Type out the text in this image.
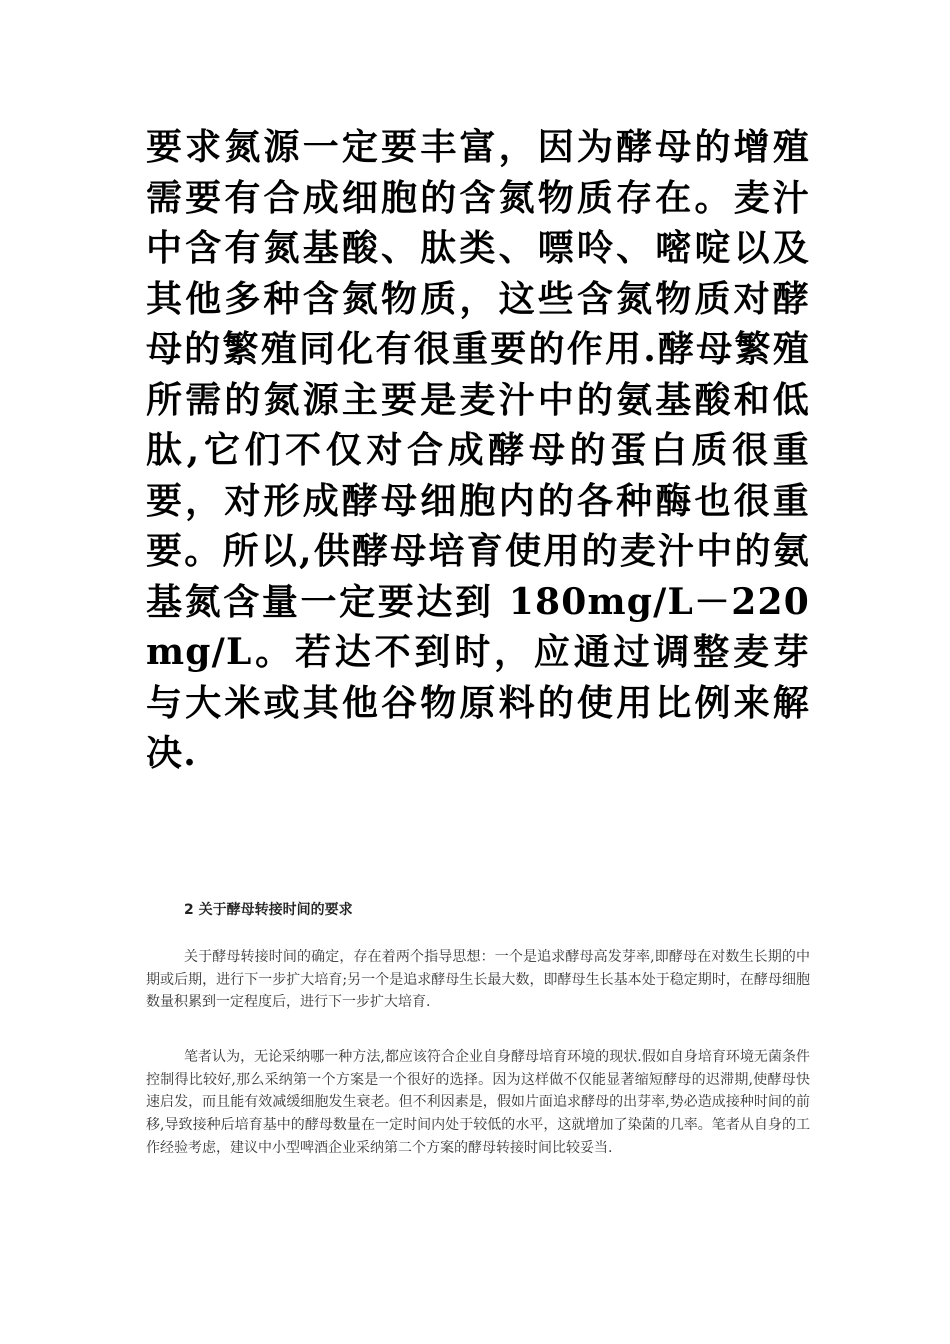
要求氮源一定要丰富，因为酵母的增殖需要有合成细胞的含氮物质存在。麦汁中含有氮基酸、肽类、嘌呤、嘧啶以及其他多种含氮物质，这些含氮物质对酵母的繁殖同化有很重要的作用.酵母繁殖所需的氮源主要是麦汁中的氨基酸和低肽,它们不仅对合成酵母的蛋白质很重要，对形成酵母细胞内的各种酶也很重要。所以,供酵母培育使用的麦汁中的氨基氮含量一定要达到 180mg/L－220mg/L。若达不到时，应通过调整麦芽与大米或其他谷物原料的使用比例来解决.

2 关于酵母转接时间的要求

关于酵母转接时间的确定，存在着两个指导思想：一个是追求酵母高发芽率,即酵母在对数生长期的中期或后期，进行下一步扩大培育;另一个是追求酵母生长最大数，即酵母生长基本处于稳定期时，在酵母细胞数量积累到一定程度后，进行下一步扩大培育.

笔者认为，无论采纳哪一种方法,都应该符合企业自身酵母培育环境的现状.假如自身培育环境无菌条件控制得比较好,那么采纳第一个方案是一个很好的选择。因为这样做不仅能显著缩短酵母的迟滞期,使酵母快速启发，而且能有效减缓细胞发生衰老。但不利因素是，假如片面追求酵母的出芽率,势必造成接种时间的前移,导致接种后培育基中的酵母数量在一定时间内处于较低的水平，这就增加了染菌的几率。笔者从自身的工作经验考虑，建议中小型啤酒企业采纳第二个方案的酵母转接时间比较妥当.
